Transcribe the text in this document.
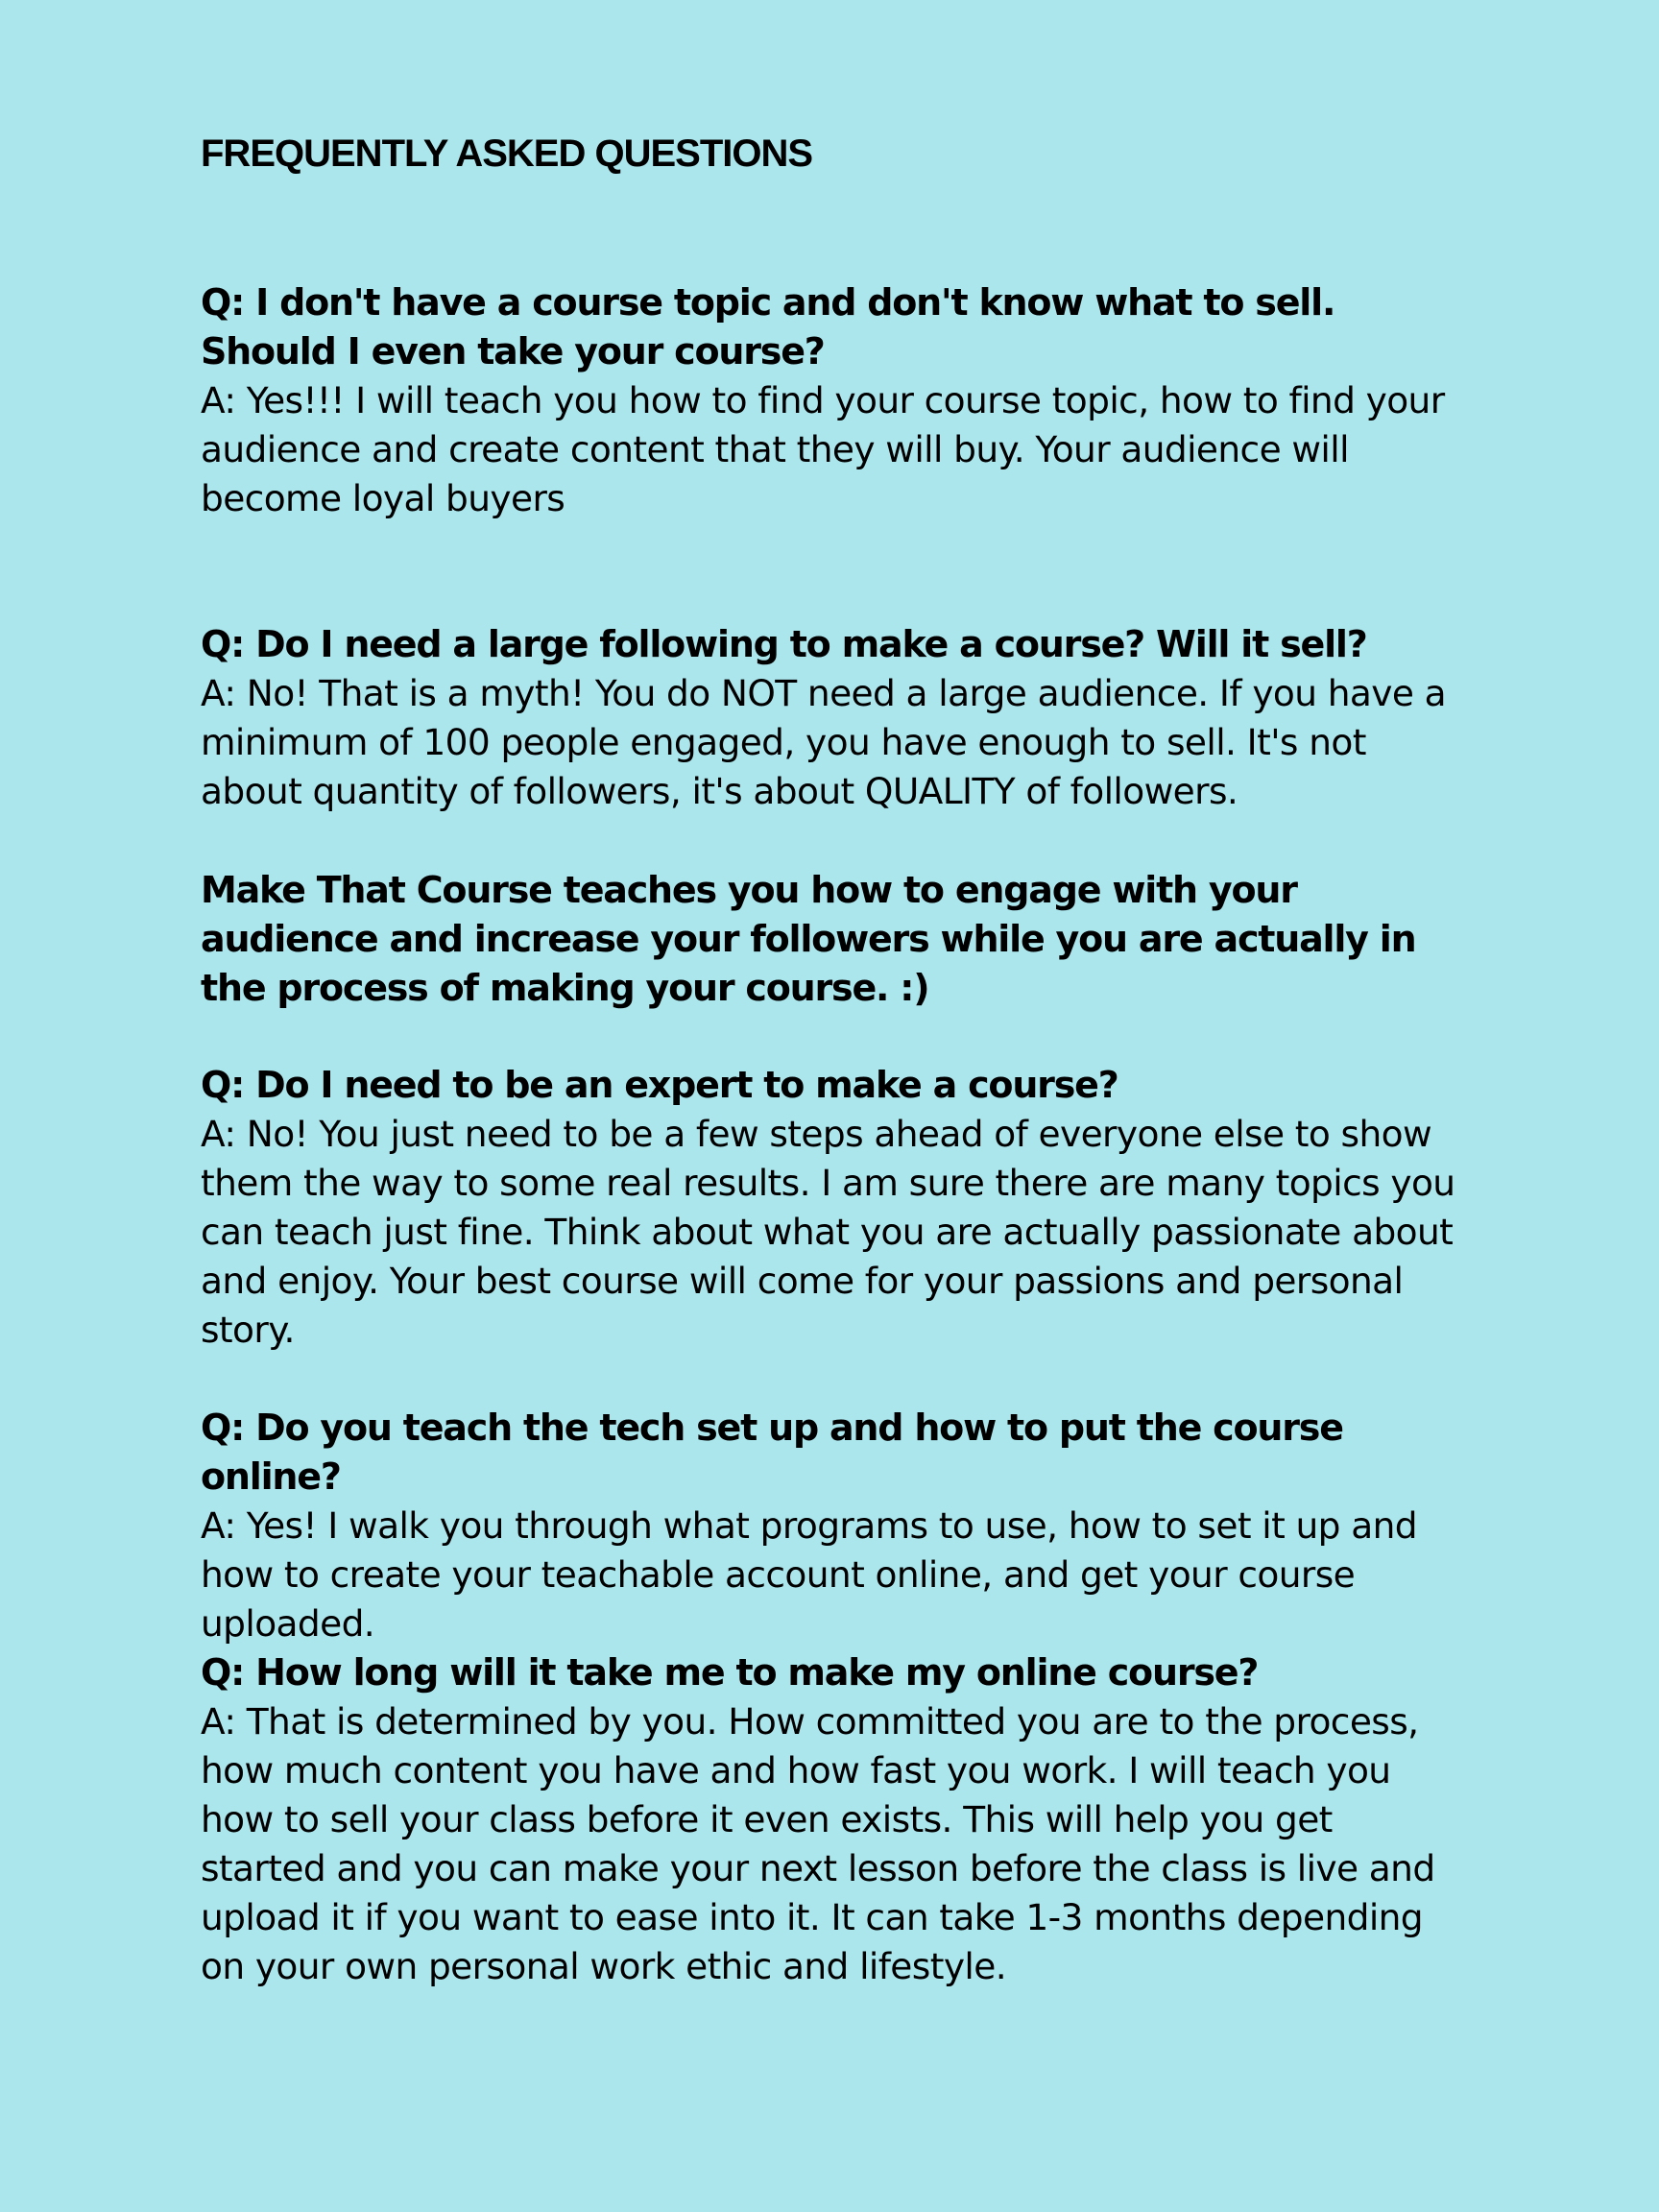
FREQUENTLY ASKED QUESTIONS

Q: I don't have a course topic and don't know what to sell. Should I even take your course?

A: Yes!!! I will teach you how to find your course topic, how to find your audience and create content that they will buy. Your audience will become loyal buyers

Q: Do I need a large following to make a course? Will it sell?

A: No! That is a myth! You do NOT need a large audience. If you have a minimum of 100 people engaged, you have enough to sell. It's not about quantity of followers, it's about QUALITY of followers.

Make That Course teaches you how to engage with your audience and increase your followers while you are actually in the process of making your course. :)

Q: Do I need to be an expert to make a course?

A: No! You just need to be a few steps ahead of everyone else to show them the way to some real results. I am sure there are many topics you can teach just fine. Think about what you are actually passionate about and enjoy. Your best course will come for your passions and personal story.

Q: Do you teach the tech set up and how to put the course online?

A: Yes! I walk you through what programs to use, how to set it up and how to create your teachable account online, and get your course uploaded.

Q: How long will it take me to make my online course?

A: That is determined by you. How committed you are to the process, how much content you have and how fast you work. I will teach you how to sell your class before it even exists. This will help you get started and you can make your next lesson before the class is live and upload it if you want to ease into it. It can take 1-3 months depending on your own personal work ethic and lifestyle.
